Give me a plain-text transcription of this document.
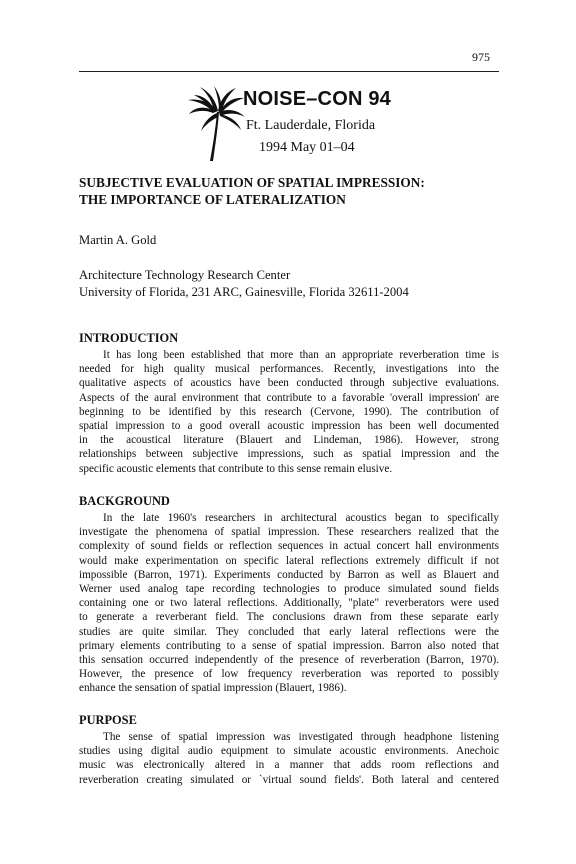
975
NOISE–CON 94
Ft. Lauderdale, Florida
1994 May 01–04
SUBJECTIVE EVALUATION OF SPATIAL IMPRESSION:
THE IMPORTANCE OF LATERALIZATION
Martin A. Gold
Architecture Technology Research Center
University of Florida, 231 ARC, Gainesville, Florida 32611-2004
INTRODUCTION
It has long been established that more than an appropriate reverberation time is
needed for high quality musical performances. Recently, investigations into the
qualitative aspects of acoustics have been conducted through subjective evaluations.
Aspects of the aural environment that contribute to a favorable 'overall impression' are
beginning to be identified by this research (Cervone, 1990). The contribution of
spatial impression to a good overall acoustic impression has been well documented
in the acoustical literature (Blauert and Lindeman, 1986). However, strong
relationships between subjective impressions, such as spatial impression and the
specific acoustic elements that contribute to this sense remain elusive.
BACKGROUND
In the late 1960's researchers in architectural acoustics began to specifically
investigate the phenomena of spatial impression. These researchers realized that the
complexity of sound fields or reflection sequences in actual concert hall environments
would make experimentation on specific lateral reflections extremely difficult if not
impossible (Barron, 1971). Experiments conducted by Barron as well as Blauert and
Werner used analog tape recording technologies to produce simulated sound fields
containing one or two lateral reflections. Additionally, "plate" reverberators were used
to generate a reverberant field. The conclusions drawn from these separate early
studies are quite similar. They concluded that early lateral reflections were the
primary elements contributing to a sense of spatial impression. Barron also noted that
this sensation occurred independently of the presence of reverberation (Barron, 1970).
However, the presence of low frequency reverberation was reported to possibly
enhance the sensation of spatial impression (Blauert, 1986).
PURPOSE
The sense of spatial impression was investigated through headphone listening
studies using digital audio equipment to simulate acoustic environments. Anechoic
music was electronically altered in a manner that adds room reflections and
reverberation creating simulated or `virtual sound fields'. Both lateral and centered
